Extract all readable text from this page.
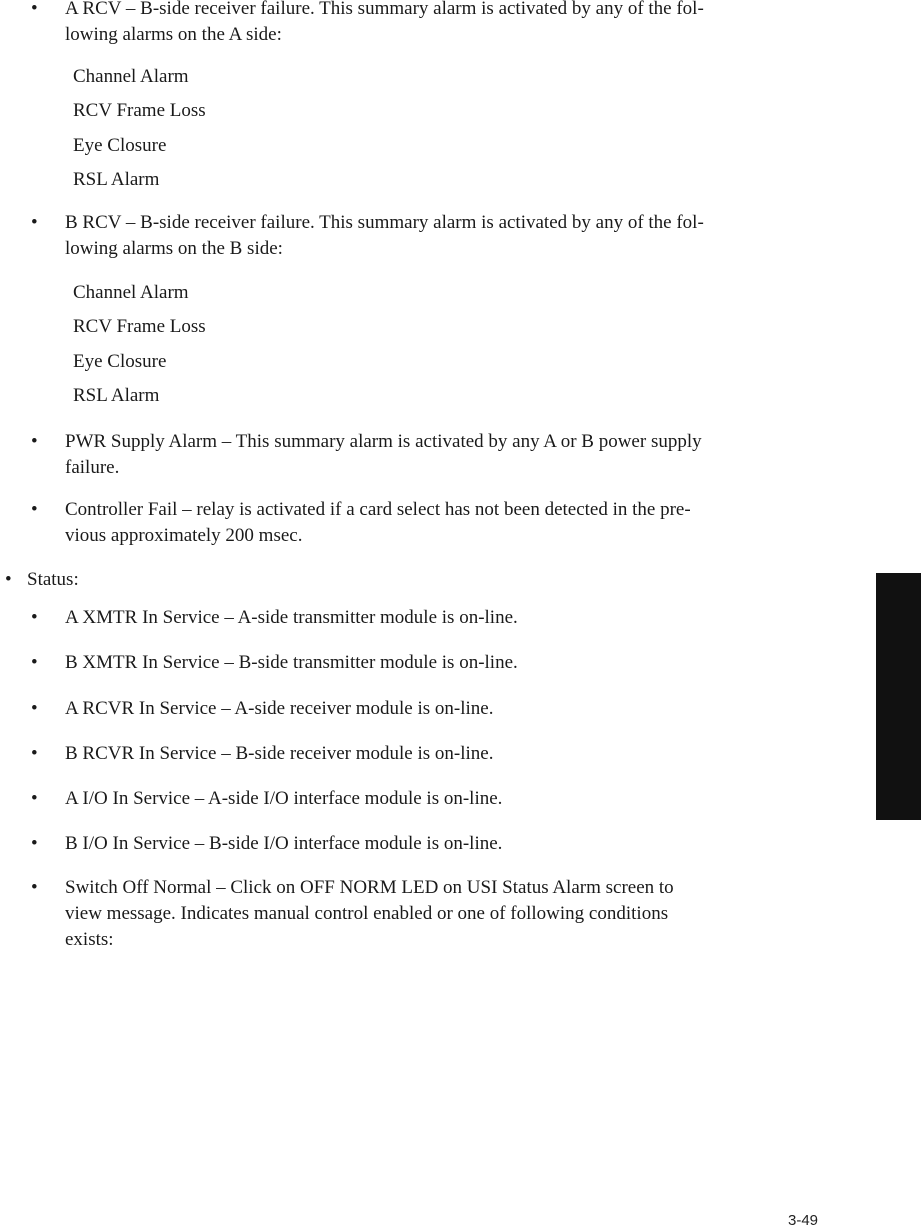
• A RCV – B-side receiver failure. This summary alarm is activated by any of the fol-
lowing alarms on the A side:
Channel Alarm
RCV Frame Loss
Eye Closure
RSL Alarm
• B RCV – B-side receiver failure. This summary alarm is activated by any of the fol-
lowing alarms on the B side:
Channel Alarm
RCV Frame Loss
Eye Closure
RSL Alarm
• PWR Supply Alarm – This summary alarm is activated by any A or B power supply
failure.
• Controller Fail – relay is activated if a card select has not been detected in the pre-
vious approximately 200 msec.
• Status:
• A XMTR In Service – A-side transmitter module is on-line.
• B XMTR In Service – B-side transmitter module is on-line.
• A RCVR In Service – A-side receiver module is on-line.
• B RCVR In Service – B-side receiver module is on-line.
• A I/O In Service – A-side I/O interface module is on-line.
• B I/O In Service – B-side I/O interface module is on-line.
• Switch Off Normal – Click on OFF NORM LED on USI Status Alarm screen to
view message. Indicates manual control enabled or one of following conditions
exists:
3-49
